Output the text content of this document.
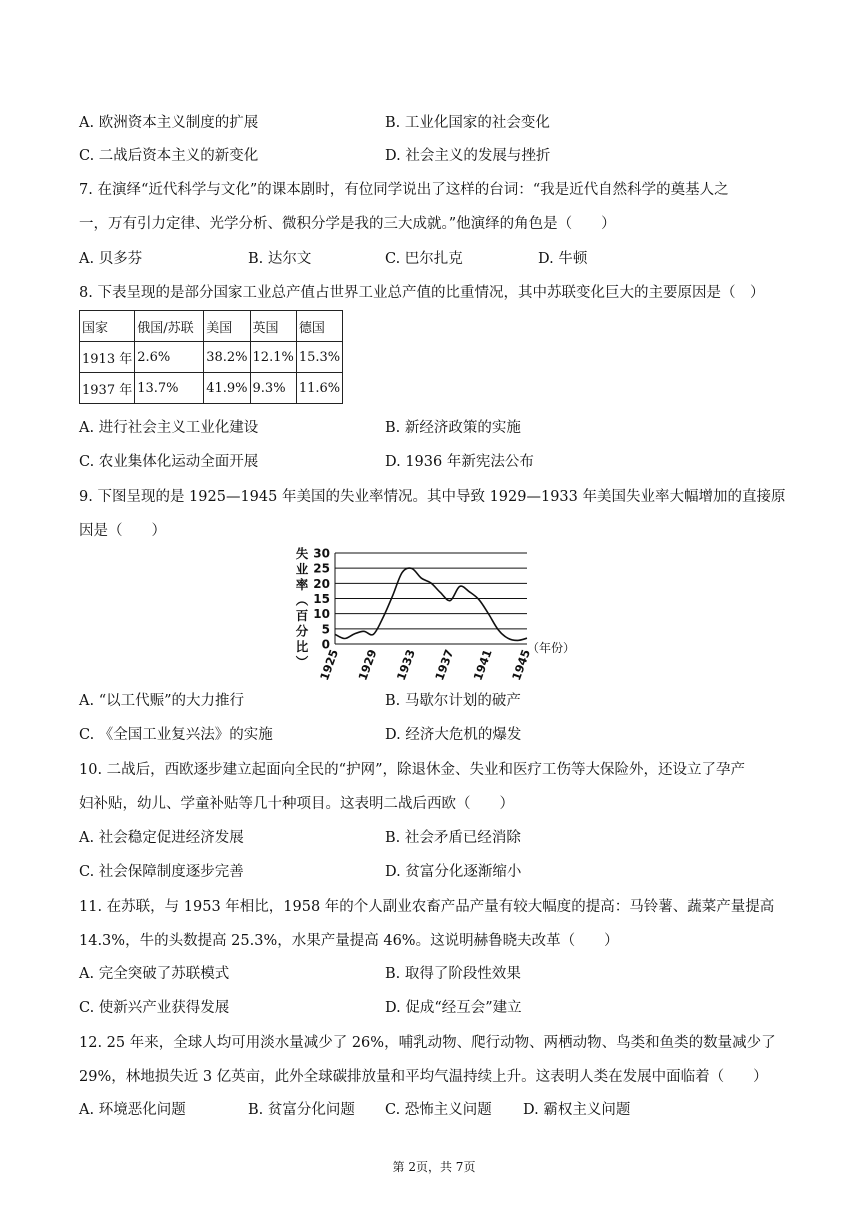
A. 欧洲资本主义制度的扩展	B. 工业化国家的社会变化
C. 二战后资本主义的新变化	D. 社会主义的发展与挫折
7. 在演绎“近代科学与文化”的课本剧时，有位同学说出了这样的台词：“我是近代自然科学的奠基人之
一，万有引力定律、光学分析、微积分学是我的三大成就。”他演绎的角色是（　　）
A. 贝多芬	B. 达尔文	C. 巴尔扎克	D. 牛顿
8. 下表呈现的是部分国家工业总产值占世界工业总产值的比重情况，其中苏联变化巨大的主要原因是（　）
国家	俄国/苏联	美国	英国	德国
1913 年	2.6%	38.2%	12.1%	15.3%
1937 年	13.7%	41.9%	9.3%	11.6%
A. 进行社会主义工业化建设	B. 新经济政策的实施
C. 农业集体化运动全面开展	D. 1936 年新宪法公布
9. 下图呈现的是 1925—1945 年美国的失业率情况。其中导致 1929—1933 年美国失业率大幅增加的直接原
因是（　　）
失
业
率
︵
百
分
比
︶
0
5
10
15
20
25
30
1925 1929 1933 1937 1941 1945
（年份）
A. “以工代赈”的大力推行	B. 马歇尔计划的破产
C. 《全国工业复兴法》的实施	D. 经济大危机的爆发
10. 二战后，西欧逐步建立起面向全民的“护网”，除退休金、失业和医疗工伤等大保险外，还设立了孕产
妇补贴，幼儿、学童补贴等几十种项目。这表明二战后西欧（　　）
A. 社会稳定促进经济发展	B. 社会矛盾已经消除
C. 社会保障制度逐步完善	D. 贫富分化逐渐缩小
11. 在苏联，与 1953 年相比，1958 年的个人副业农畜产品产量有较大幅度的提高：马铃薯、蔬菜产量提高
14.3%，牛的头数提高 25.3%，水果产量提高 46%。这说明赫鲁晓夫改革（　　）
A. 完全突破了苏联模式	B. 取得了阶段性效果
C. 使新兴产业获得发展	D. 促成“经互会”建立
12. 25 年来，全球人均可用淡水量减少了 26%，哺乳动物、爬行动物、两栖动物、鸟类和鱼类的数量减少了
29%，林地损失近 3 亿英亩，此外全球碳排放量和平均气温持续上升。这表明人类在发展中面临着（　　）
A. 环境恶化问题	B. 贫富分化问题 C. 恐怖主义问题 D. 霸权主义问题
第 2页，共 7页
